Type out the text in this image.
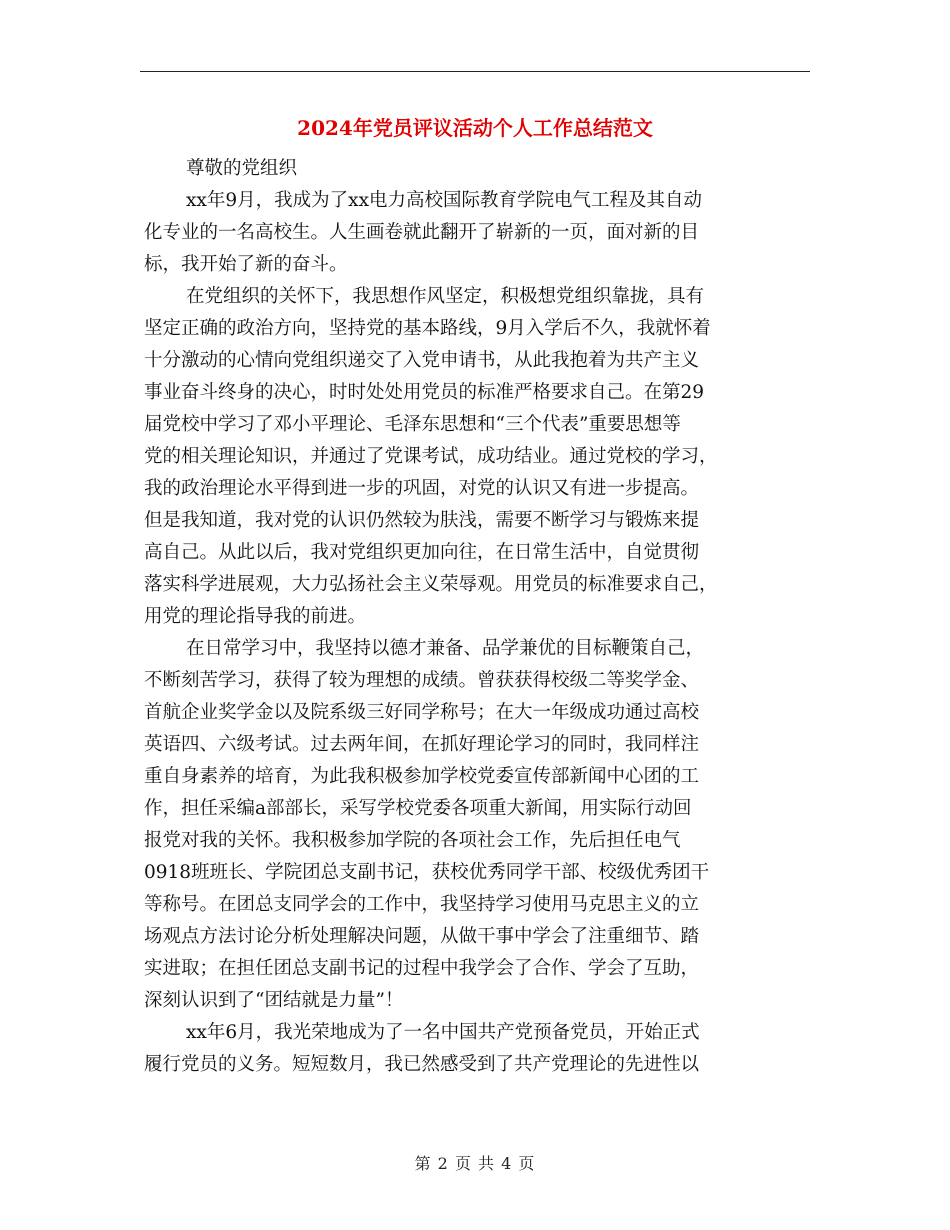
2024年党员评议活动个人工作总结范文
尊敬的党组织
xx年9月，我成为了xx电力高校国际教育学院电气工程及其自动
化专业的一名高校生。人生画卷就此翻开了崭新的一页，面对新的目
标，我开始了新的奋斗。
在党组织的关怀下，我思想作风坚定，积极想党组织靠拢，具有
坚定正确的政治方向，坚持党的基本路线，9月入学后不久，我就怀着
十分激动的心情向党组织递交了入党申请书，从此我抱着为共产主义
事业奋斗终身的决心，时时处处用党员的标准严格要求自己。在第29
届党校中学习了邓小平理论、毛泽东思想和“三个代表”重要思想等
党的相关理论知识，并通过了党课考试，成功结业。通过党校的学习，
我的政治理论水平得到进一步的巩固，对党的认识又有进一步提高。
但是我知道，我对党的认识仍然较为肤浅，需要不断学习与锻炼来提
高自己。从此以后，我对党组织更加向往，在日常生活中，自觉贯彻
落实科学进展观，大力弘扬社会主义荣辱观。用党员的标准要求自己，
用党的理论指导我的前进。
在日常学习中，我坚持以德才兼备、品学兼优的目标鞭策自己，
不断刻苦学习，获得了较为理想的成绩。曾获获得校级二等奖学金、
首航企业奖学金以及院系级三好同学称号；在大一年级成功通过高校
英语四、六级考试。过去两年间，在抓好理论学习的同时，我同样注
重自身素养的培育，为此我积极参加学校党委宣传部新闻中心团的工
作，担任采编a部部长，采写学校党委各项重大新闻，用实际行动回
报党对我的关怀。我积极参加学院的各项社会工作，先后担任电气
0918班班长、学院团总支副书记，获校优秀同学干部、校级优秀团干
等称号。在团总支同学会的工作中，我坚持学习使用马克思主义的立
场观点方法讨论分析处理解决问题，从做干事中学会了注重细节、踏
实进取；在担任团总支副书记的过程中我学会了合作、学会了互助，
深刻认识到了“团结就是力量”！
xx年6月，我光荣地成为了一名中国共产党预备党员，开始正式
履行党员的义务。短短数月，我已然感受到了共产党理论的先进性以
第 2 页 共 4 页
